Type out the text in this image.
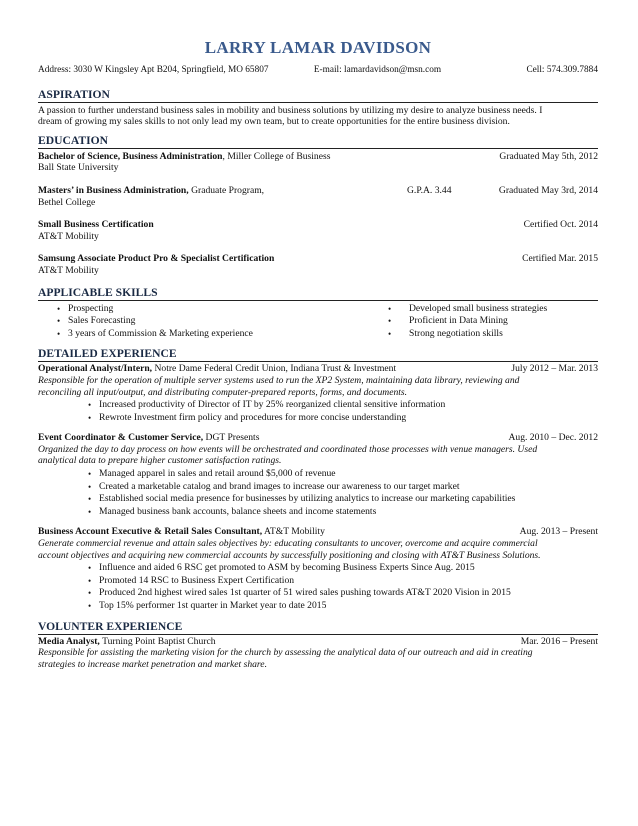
LARRY LAMAR DAVIDSON
Address: 3030 W Kingsley Apt B204, Springfield, MO 65807	E-mail: lamardavidson@msn.com	Cell: 574.309.7884
ASPIRATION
A passion to further understand business sales in mobility and business solutions by utilizing my desire to analyze business needs. I
dream of growing my sales skills to not only lead my own team, but to create opportunities for the entire business division.
EDUCATION
Bachelor of Science, Business Administration, Miller College of Business	Graduated May 5th, 2012
Ball State University
Masters’ in Business Administration, Graduate Program,	G.P.A. 3.44	Graduated May 3rd, 2014
Bethel College
Small Business Certification	Certified Oct. 2014
AT&T Mobility
Samsung Associate Product Pro & Specialist Certification	Certified Mar. 2015
AT&T Mobility
APPLICABLE SKILLS
• Prospecting
• Sales Forecasting
• 3 years of Commission & Marketing experience
• Developed small business strategies
• Proficient in Data Mining
• Strong negotiation skills
DETAILED EXPERIENCE
Operational Analyst/Intern, Notre Dame Federal Credit Union, Indiana Trust & Investment	July 2012 – Mar. 2013
Responsible for the operation of multiple server systems used to run the XP2 System, maintaining data library, reviewing and
reconciling all input/output, and distributing computer-prepared reports, forms, and documents.
• Increased productivity of Director of IT by 25% reorganized cliental sensitive information
• Rewrote Investment firm policy and procedures for more concise understanding
Event Coordinator & Customer Service, DGT Presents	Aug. 2010 – Dec. 2012
Organized the day to day process on how events will be orchestrated and coordinated those processes with venue managers. Used
analytical data to prepare higher customer satisfaction ratings.
• Managed apparel in sales and retail around $5,000 of revenue
• Created a marketable catalog and brand images to increase our awareness to our target market
• Established social media presence for businesses by utilizing analytics to increase our marketing capabilities
• Managed business bank accounts, balance sheets and income statements
Business Account Executive & Retail Sales Consultant, AT&T Mobility	Aug. 2013 – Present
Generate commercial revenue and attain sales objectives by: educating consultants to uncover, overcome and acquire commercial
account objectives and acquiring new commercial accounts by successfully positioning and closing with AT&T Business Solutions.
• Influence and aided 6 RSC get promoted to ASM by becoming Business Experts Since Aug. 2015
• Promoted 14 RSC to Business Expert Certification
• Produced 2nd highest wired sales 1st quarter of 51 wired sales pushing towards AT&T 2020 Vision in 2015
• Top 15% performer 1st quarter in Market year to date 2015
VOLUNTER EXPERIENCE
Media Analyst, Turning Point Baptist Church	Mar. 2016 – Present
Responsible for assisting the marketing vision for the church by assessing the analytical data of our outreach and aid in creating
strategies to increase market penetration and market share.
